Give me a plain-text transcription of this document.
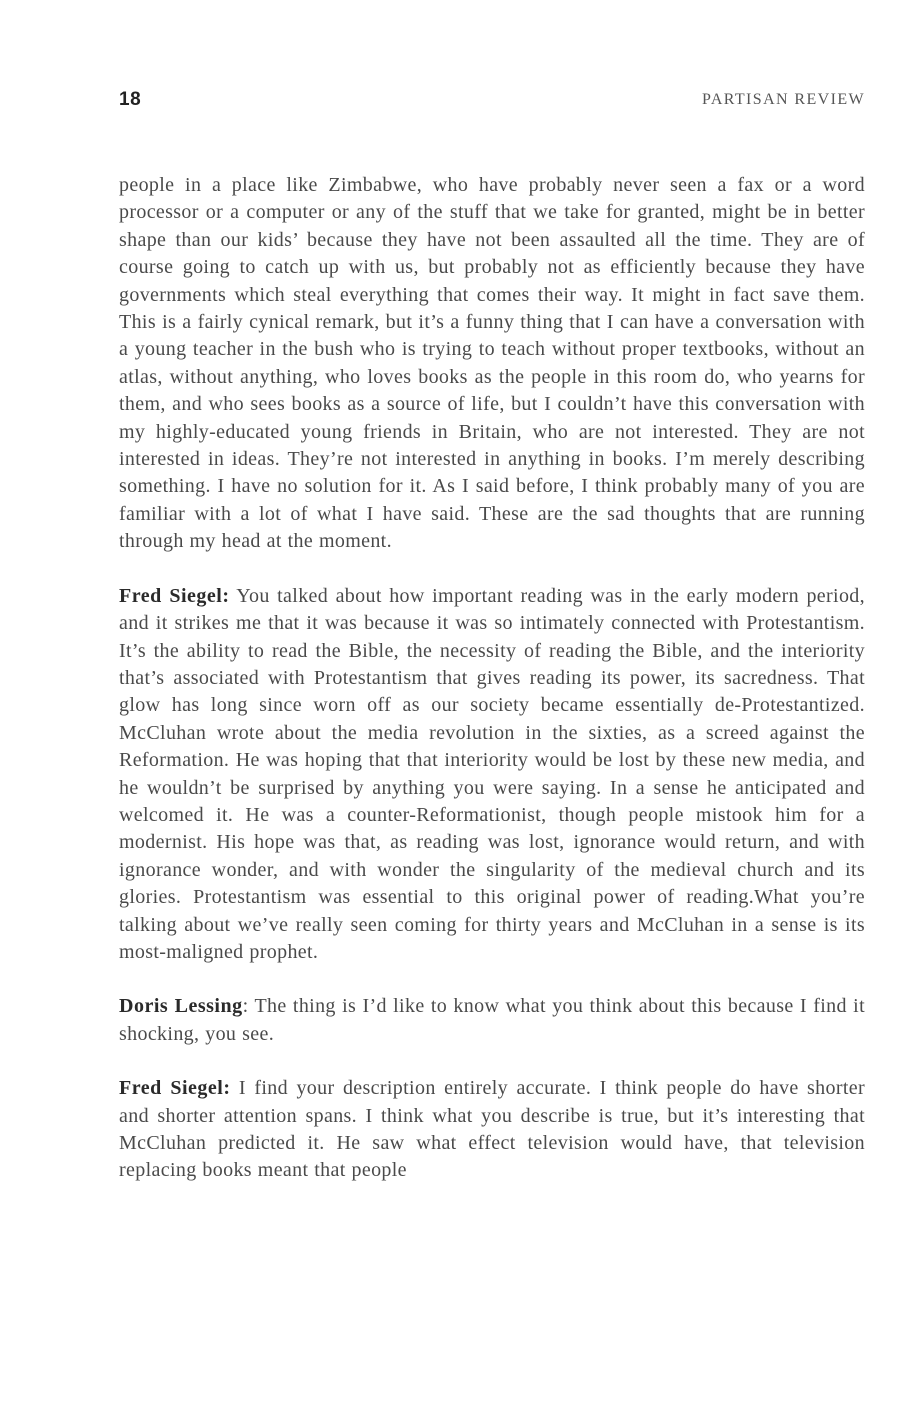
18	PARTISAN REVIEW

people in a place like Zimbabwe, who have probably never seen a fax or a word processor or a computer or any of the stuff that we take for granted, might be in better shape than our kids’ because they have not been assaulted all the time. They are of course going to catch up with us, but probably not as efficiently because they have governments which steal everything that comes their way. It might in fact save them. This is a fairly cynical remark, but it’s a funny thing that I can have a conversation with a young teacher in the bush who is trying to teach without proper textbooks, without an atlas, without anything, who loves books as the people in this room do, who yearns for them, and who sees books as a source of life, but I couldn’t have this conversation with my highly-educated young friends in Britain, who are not interested. They are not interested in ideas. They’re not interested in anything in books. I’m merely describing something. I have no solution for it. As I said before, I think probably many of you are familiar with a lot of what I have said. These are the sad thoughts that are running through my head at the moment.

Fred Siegel: You talked about how important reading was in the early modern period, and it strikes me that it was because it was so intimately connected with Protestantism. It’s the ability to read the Bible, the necessity of reading the Bible, and the interiority that’s associated with Protestantism that gives reading its power, its sacredness. That glow has long since worn off as our society became essentially de-Protestantized. McCluhan wrote about the media revolution in the sixties, as a screed against the Reformation. He was hoping that that interiority would be lost by these new media, and he wouldn’t be surprised by anything you were saying. In a sense he anticipated and welcomed it. He was a counter-Reformationist, though people mistook him for a modernist. His hope was that, as reading was lost, ignorance would return, and with ignorance wonder, and with wonder the singularity of the medieval church and its glories. Protestantism was essential to this original power of reading.What you’re talking about we’ve really seen coming for thirty years and McCluhan in a sense is its most-maligned prophet.

Doris Lessing: The thing is I’d like to know what you think about this because I find it shocking, you see.

Fred Siegel: I find your description entirely accurate. I think people do have shorter and shorter attention spans. I think what you describe is true, but it’s interesting that McCluhan predicted it. He saw what effect television would have, that television replacing books meant that people
